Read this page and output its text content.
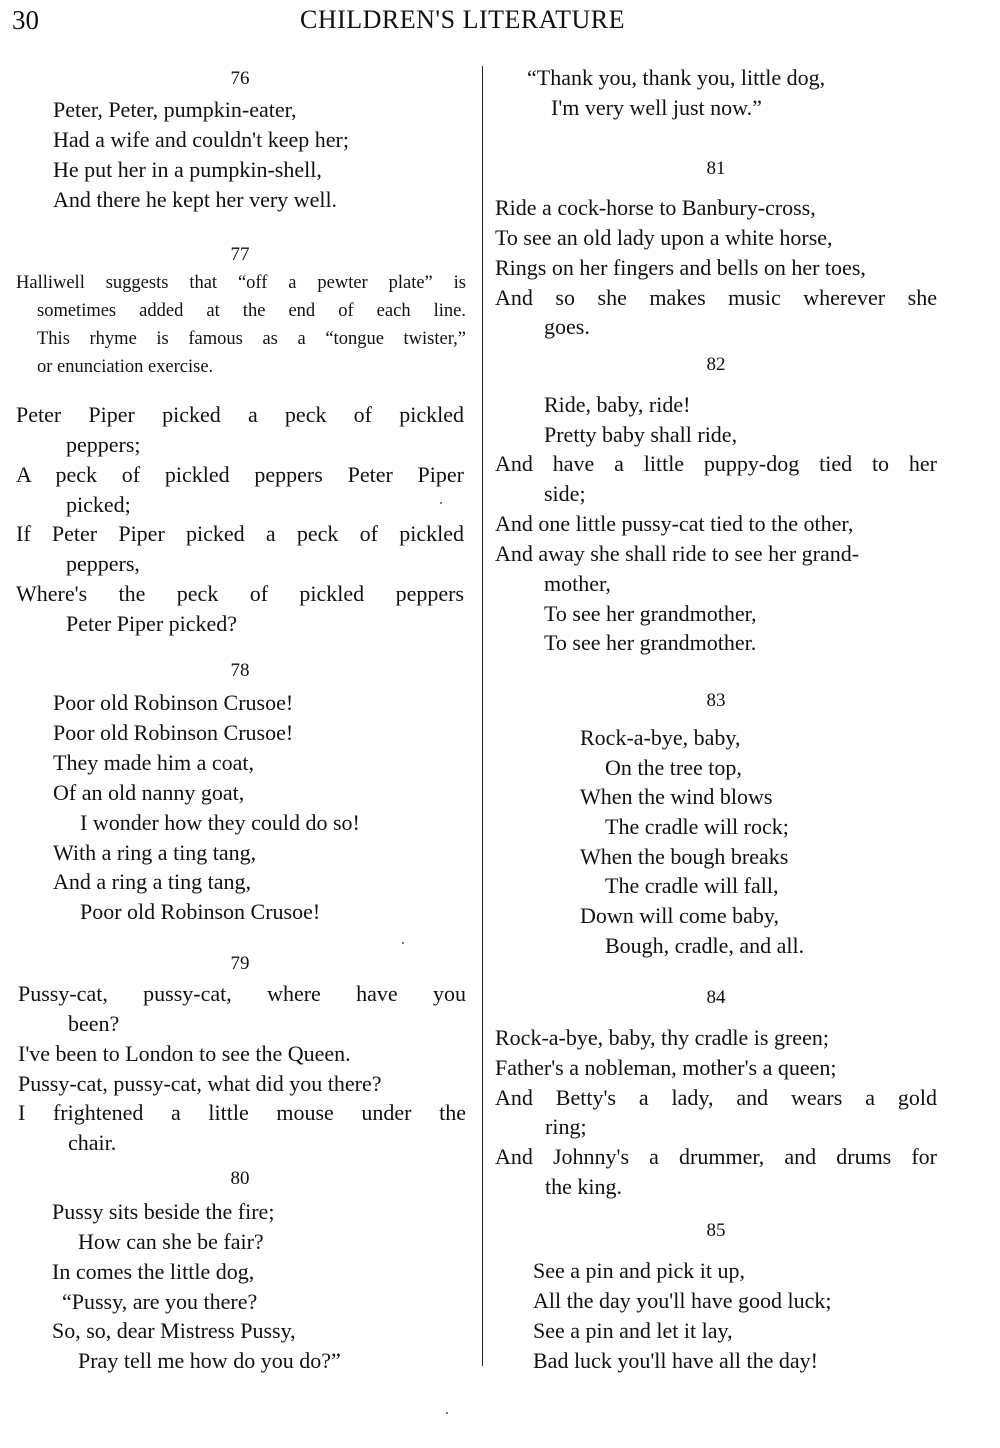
30	CHILDREN'S LITERATURE
76
Peter, Peter, pumpkin-eater,
Had a wife and couldn't keep her;
He put her in a pumpkin-shell,
And there he kept her very well.
77
Halliwell suggests that “off a pewter plate” is
sometimes added at the end of each line.
This rhyme is famous as a “tongue twister,”
or enunciation exercise.
Peter Piper picked a peck of pickled
peppers;
A peck of pickled peppers Peter Piper
picked;
If Peter Piper picked a peck of pickled
peppers,
Where's the peck of pickled peppers
Peter Piper picked?
78
Poor old Robinson Crusoe!
Poor old Robinson Crusoe!
They made him a coat,
Of an old nanny goat,
I wonder how they could do so!
With a ring a ting tang,
And a ring a ting tang,
Poor old Robinson Crusoe!
79
Pussy-cat, pussy-cat, where have you
been?
I've been to London to see the Queen.
Pussy-cat, pussy-cat, what did you there?
I frightened a little mouse under the
chair.
80
Pussy sits beside the fire;
How can she be fair?
In comes the little dog,
“Pussy, are you there?
So, so, dear Mistress Pussy,
Pray tell me how do you do?”
“Thank you, thank you, little dog,
I'm very well just now.”
81
Ride a cock-horse to Banbury-cross,
To see an old lady upon a white horse,
Rings on her fingers and bells on her toes,
And so she makes music wherever she
goes.
82
Ride, baby, ride!
Pretty baby shall ride,
And have a little puppy-dog tied to her
side;
And one little pussy-cat tied to the other,
And away she shall ride to see her grand-
mother,
To see her grandmother,
To see her grandmother.
83
Rock-a-bye, baby,
On the tree top,
When the wind blows
The cradle will rock;
When the bough breaks
The cradle will fall,
Down will come baby,
Bough, cradle, and all.
84
Rock-a-bye, baby, thy cradle is green;
Father's a nobleman, mother's a queen;
And Betty's a lady, and wears a gold
ring;
And Johnny's a drummer, and drums for
the king.
85
See a pin and pick it up,
All the day you'll have good luck;
See a pin and let it lay,
Bad luck you'll have all the day!
